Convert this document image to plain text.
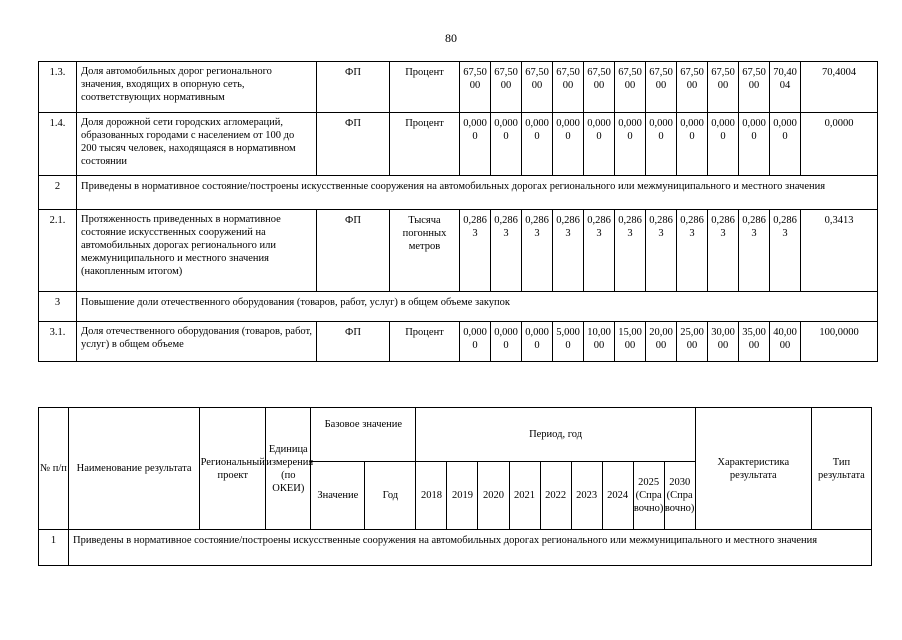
80
1.3.	Доля автомобильных дорог регионального значения, входящих в опорную сеть, соответствующих нормативным	ФП	Процент	67,50 00	67,50 00	67,50 00	67,50 00	67,50 00	67,50 00	67,50 00	67,50 00	67,50 00	67,50 00	70,40 04	70,4004
1.4.	Доля дорожной сети городских агломераций, образованных городами с населением от 100 до 200 тысяч человек, находящаяся в нормативном состоянии	ФП	Процент	0,000 0	0,000 0	0,000 0	0,000 0	0,000 0	0,000 0	0,000 0	0,000 0	0,000 0	0,000 0	0,000 0	0,0000
2	Приведены в нормативное состояние/построены искусственные сооружения на автомобильных дорогах регионального или межмуниципального и местного значения														
2.1.	Протяженность приведенных в нормативное состояние искусственных сооружений на автомобильных дорогах регионального или межмуниципального и местного значения (накопленным итогом)	ФП	Тысяча погонных метров	0,286 3	0,286 3	0,286 3	0,286 3	0,286 3	0,286 3	0,286 3	0,286 3	0,286 3	0,286 3	0,286 3	0,3413
3	Повышение доли отечественного оборудования (товаров, работ, услуг) в общем объеме закупок														
3.1.	Доля отечественного оборудования (товаров, работ, услуг) в общем объеме	ФП	Процент	0,000 0	0,000 0	0,000 0	5,000 0	10,00 00	15,00 00	20,00 00	25,00 00	30,00 00	35,00 00	40,00 00	100,0000
№ п/п	Наименование результата	Региональный проект	Единица измерения (по ОКЕИ)	Базовое значение		Период, год									Характеристика результата	Тип результата
				Значение	Год	2018	2019	2020	2021	2022	2023	2024	2025 (Справочно)	2030 (Справочно)		
1	Приведены в нормативное состояние/построены искусственные сооружения на автомобильных дорогах регионального или межмуниципального и местного значения															
